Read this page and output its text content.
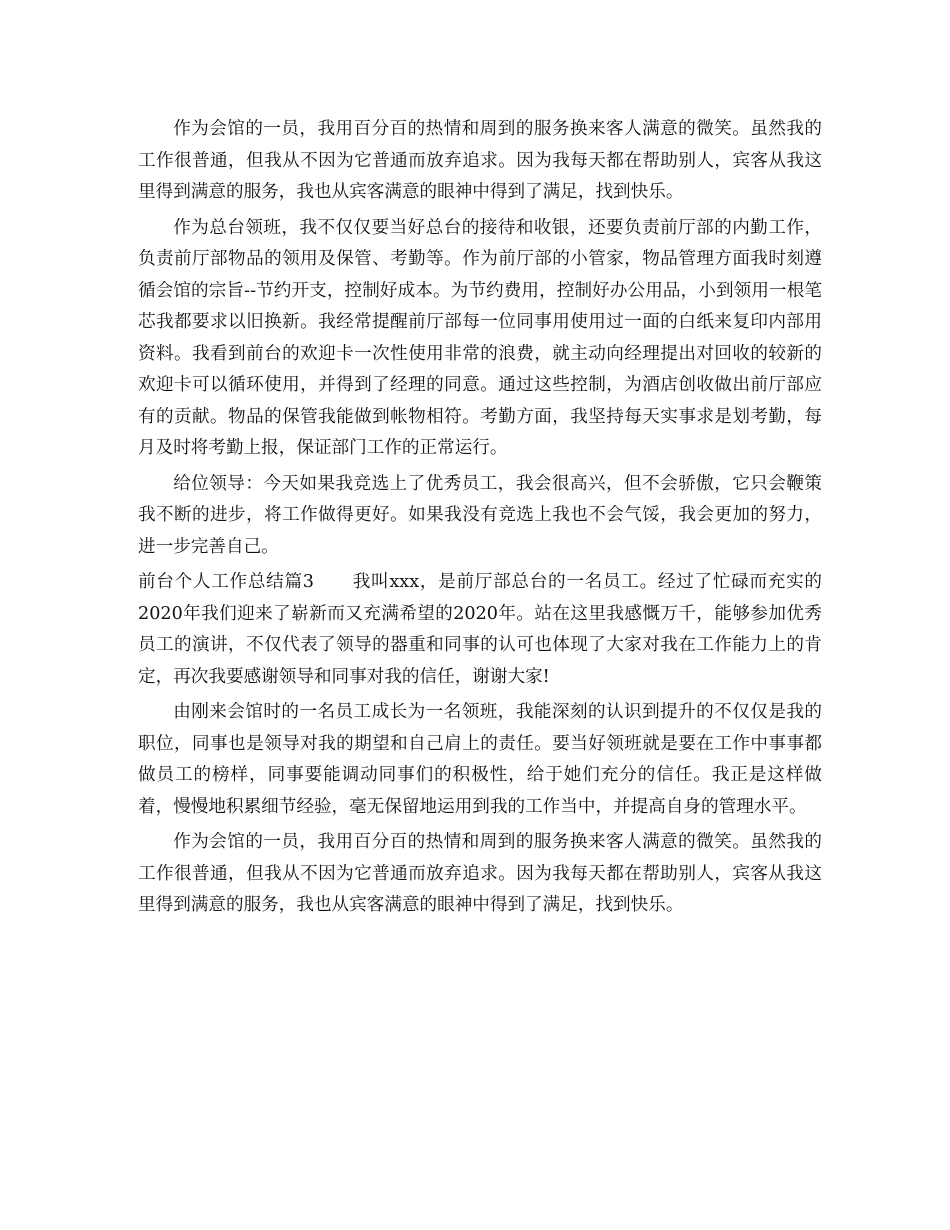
作为会馆的一员，我用百分百的热情和周到的服务换来客人满意的微笑。虽然我的工作很普通，但我从不因为它普通而放弃追求。因为我每天都在帮助别人，宾客从我这里得到满意的服务，我也从宾客满意的眼神中得到了满足，找到快乐。

作为总台领班，我不仅仅要当好总台的接待和收银，还要负责前厅部的内勤工作，负责前厅部物品的领用及保管、考勤等。作为前厅部的小管家，物品管理方面我时刻遵循会馆的宗旨--节约开支，控制好成本。为节约费用，控制好办公用品，小到领用一根笔芯我都要求以旧换新。我经常提醒前厅部每一位同事用使用过一面的白纸来复印内部用资料。我看到前台的欢迎卡一次性使用非常的浪费，就主动向经理提出对回收的较新的欢迎卡可以循环使用，并得到了经理的同意。通过这些控制，为酒店创收做出前厅部应有的贡献。物品的保管我能做到帐物相符。考勤方面，我坚持每天实事求是划考勤，每月及时将考勤上报，保证部门工作的正常运行。

给位领导：今天如果我竞选上了优秀员工，我会很高兴，但不会骄傲，它只会鞭策我不断的进步，将工作做得更好。如果我没有竞选上我也不会气馁，我会更加的努力，进一步完善自己。

前台个人工作总结篇3 我叫xxx，是前厅部总台的一名员工。经过了忙碌而充实的2020年我们迎来了崭新而又充满希望的2020年。站在这里我感慨万千，能够参加优秀员工的演讲，不仅代表了领导的器重和同事的认可也体现了大家对我在工作能力上的肯定，再次我要感谢领导和同事对我的信任，谢谢大家!

由刚来会馆时的一名员工成长为一名领班，我能深刻的认识到提升的不仅仅是我的职位，同事也是领导对我的期望和自己肩上的责任。要当好领班就是要在工作中事事都做员工的榜样，同事要能调动同事们的积极性，给于她们充分的信任。我正是这样做着，慢慢地积累细节经验，毫无保留地运用到我的工作当中，并提高自身的管理水平。

作为会馆的一员，我用百分百的热情和周到的服务换来客人满意的微笑。虽然我的工作很普通，但我从不因为它普通而放弃追求。因为我每天都在帮助别人，宾客从我这里得到满意的服务，我也从宾客满意的眼神中得到了满足，找到快乐。
